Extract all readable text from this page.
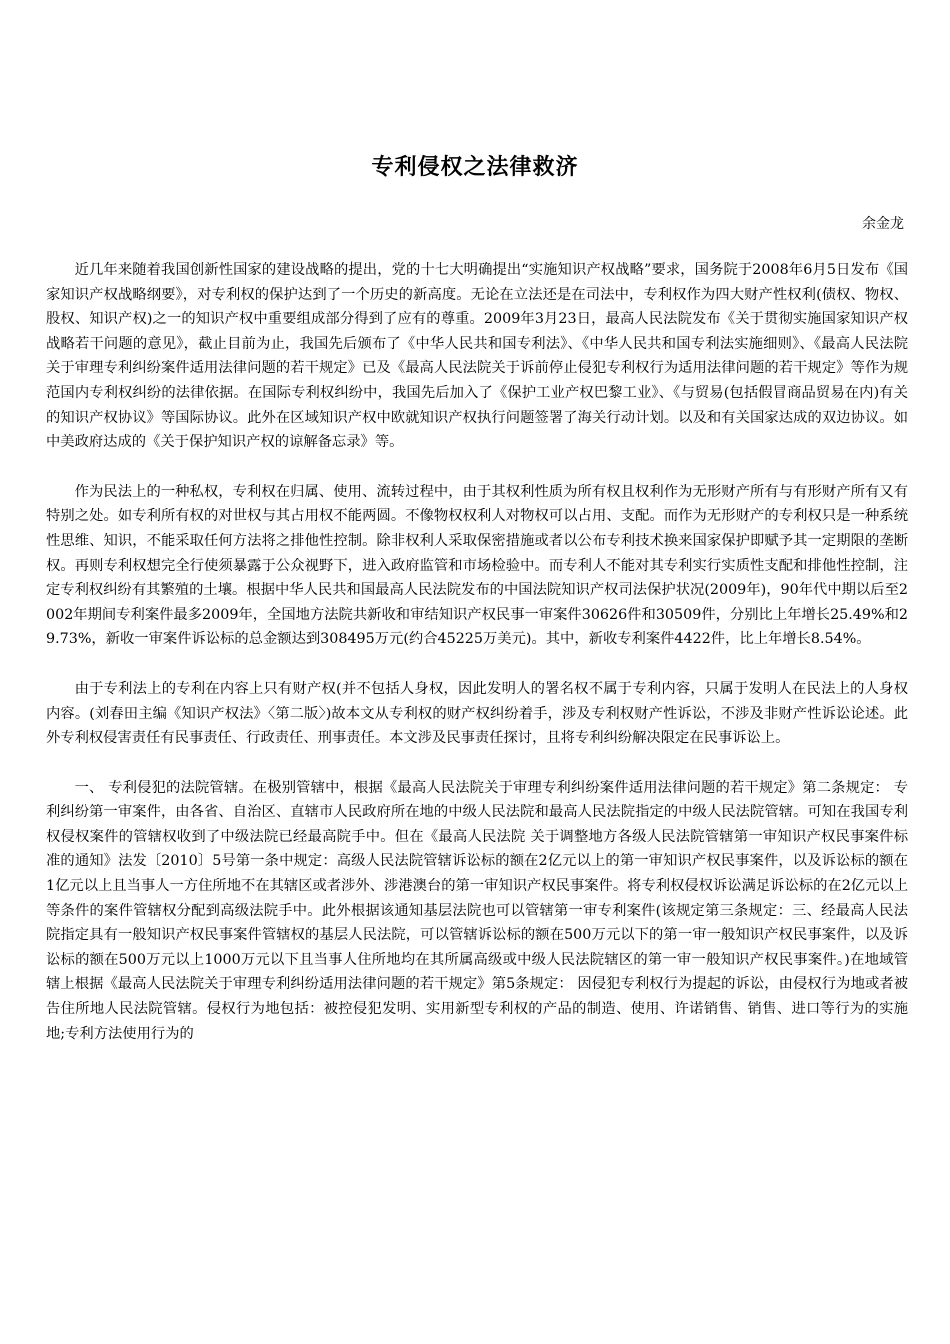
专利侵权之法律救济

余金龙

近几年来随着我国创新性国家的建设战略的提出，党的十七大明确提出“实施知识产权战略”要求，国务院于2008年6月5日发布《国家知识产权战略纲要》，对专利权的保护达到了一个历史的新高度。无论在立法还是在司法中，专利权作为四大财产性权利(债权、物权、股权、知识产权)之一的知识产权中重要组成部分得到了应有的尊重。2009年3月23日，最高人民法院发布《关于贯彻实施国家知识产权战略若干问题的意见》，截止目前为止，我国先后颁布了《中华人民共和国专利法》、《中华人民共和国专利法实施细则》、《最高人民法院关于审理专利纠纷案件适用法律问题的若干规定》已及《最高人民法院关于诉前停止侵犯专利权行为适用法律问题的若干规定》等作为规范国内专利权纠纷的法律依据。在国际专利权纠纷中，我国先后加入了《保护工业产权巴黎工业》、《与贸易(包括假冒商品贸易在内)有关的知识产权协议》等国际协议。此外在区域知识产权中欧就知识产权执行问题签署了海关行动计划。以及和有关国家达成的双边协议。如中美政府达成的《关于保护知识产权的谅解备忘录》等。

作为民法上的一种私权，专利权在归属、使用、流转过程中，由于其权利性质为所有权且权利作为无形财产所有与有形财产所有又有特别之处。如专利所有权的对世权与其占用权不能两圆。不像物权权利人对物权可以占用、支配。而作为无形财产的专利权只是一种系统性思维、知识，不能采取任何方法将之排他性控制。除非权利人采取保密措施或者以公布专利技术换来国家保护即赋予其一定期限的垄断权。再则专利权想完全行使须暴露于公众视野下，进入政府监管和市场检验中。而专利人不能对其专利实行实质性支配和排他性控制，注定专利权纠纷有其繁殖的土壤。根据中华人民共和国最高人民法院发布的中国法院知识产权司法保护状况(2009年)，90年代中期以后至2002年期间专利案件最多2009年，全国地方法院共新收和审结知识产权民事一审案件30626件和30509件，分别比上年增长25.49%和29.73%，新收一审案件诉讼标的总金额达到308495万元(约合45225万美元)。其中，新收专利案件4422件，比上年增长8.54%。

由于专利法上的专利在内容上只有财产权(并不包括人身权，因此发明人的署名权不属于专利内容，只属于发明人在民法上的人身权内容。(刘春田主编《知识产权法》〈第二版〉)故本文从专利权的财产权纠纷着手，涉及专利权财产性诉讼，不涉及非财产性诉讼论述。此外专利权侵害责任有民事责任、行政责任、刑事责任。本文涉及民事责任探讨，且将专利纠纷解决限定在民事诉讼上。

一、 专利侵犯的法院管辖。在极别管辖中，根据《最高人民法院关于审理专利纠纷案件适用法律问题的若干规定》第二条规定： 专利纠纷第一审案件，由各省、自治区、直辖市人民政府所在地的中级人民法院和最高人民法院指定的中级人民法院管辖。可知在我国专利权侵权案件的管辖权收到了中级法院已经最高院手中。但在《最高人民法院 关于调整地方各级人民法院管辖第一审知识产权民事案件标准的通知》法发〔2010〕5号第一条中规定：高级人民法院管辖诉讼标的额在2亿元以上的第一审知识产权民事案件，以及诉讼标的额在1亿元以上且当事人一方住所地不在其辖区或者涉外、涉港澳台的第一审知识产权民事案件。将专利权侵权诉讼满足诉讼标的在2亿元以上等条件的案件管辖权分配到高级法院手中。此外根据该通知基层法院也可以管辖第一审专利案件(该规定第三条规定：三、经最高人民法院指定具有一般知识产权民事案件管辖权的基层人民法院，可以管辖诉讼标的额在500万元以下的第一审一般知识产权民事案件，以及诉讼标的额在500万元以上1000万元以下且当事人住所地均在其所属高级或中级人民法院辖区的第一审一般知识产权民事案件。)在地域管辖上根据《最高人民法院关于审理专利纠纷适用法律问题的若干规定》第5条规定： 因侵犯专利权行为提起的诉讼，由侵权行为地或者被告住所地人民法院管辖。侵权行为地包括：被控侵犯发明、实用新型专利权的产品的制造、使用、许诺销售、销售、进口等行为的实施地;专利方法使用行为的
